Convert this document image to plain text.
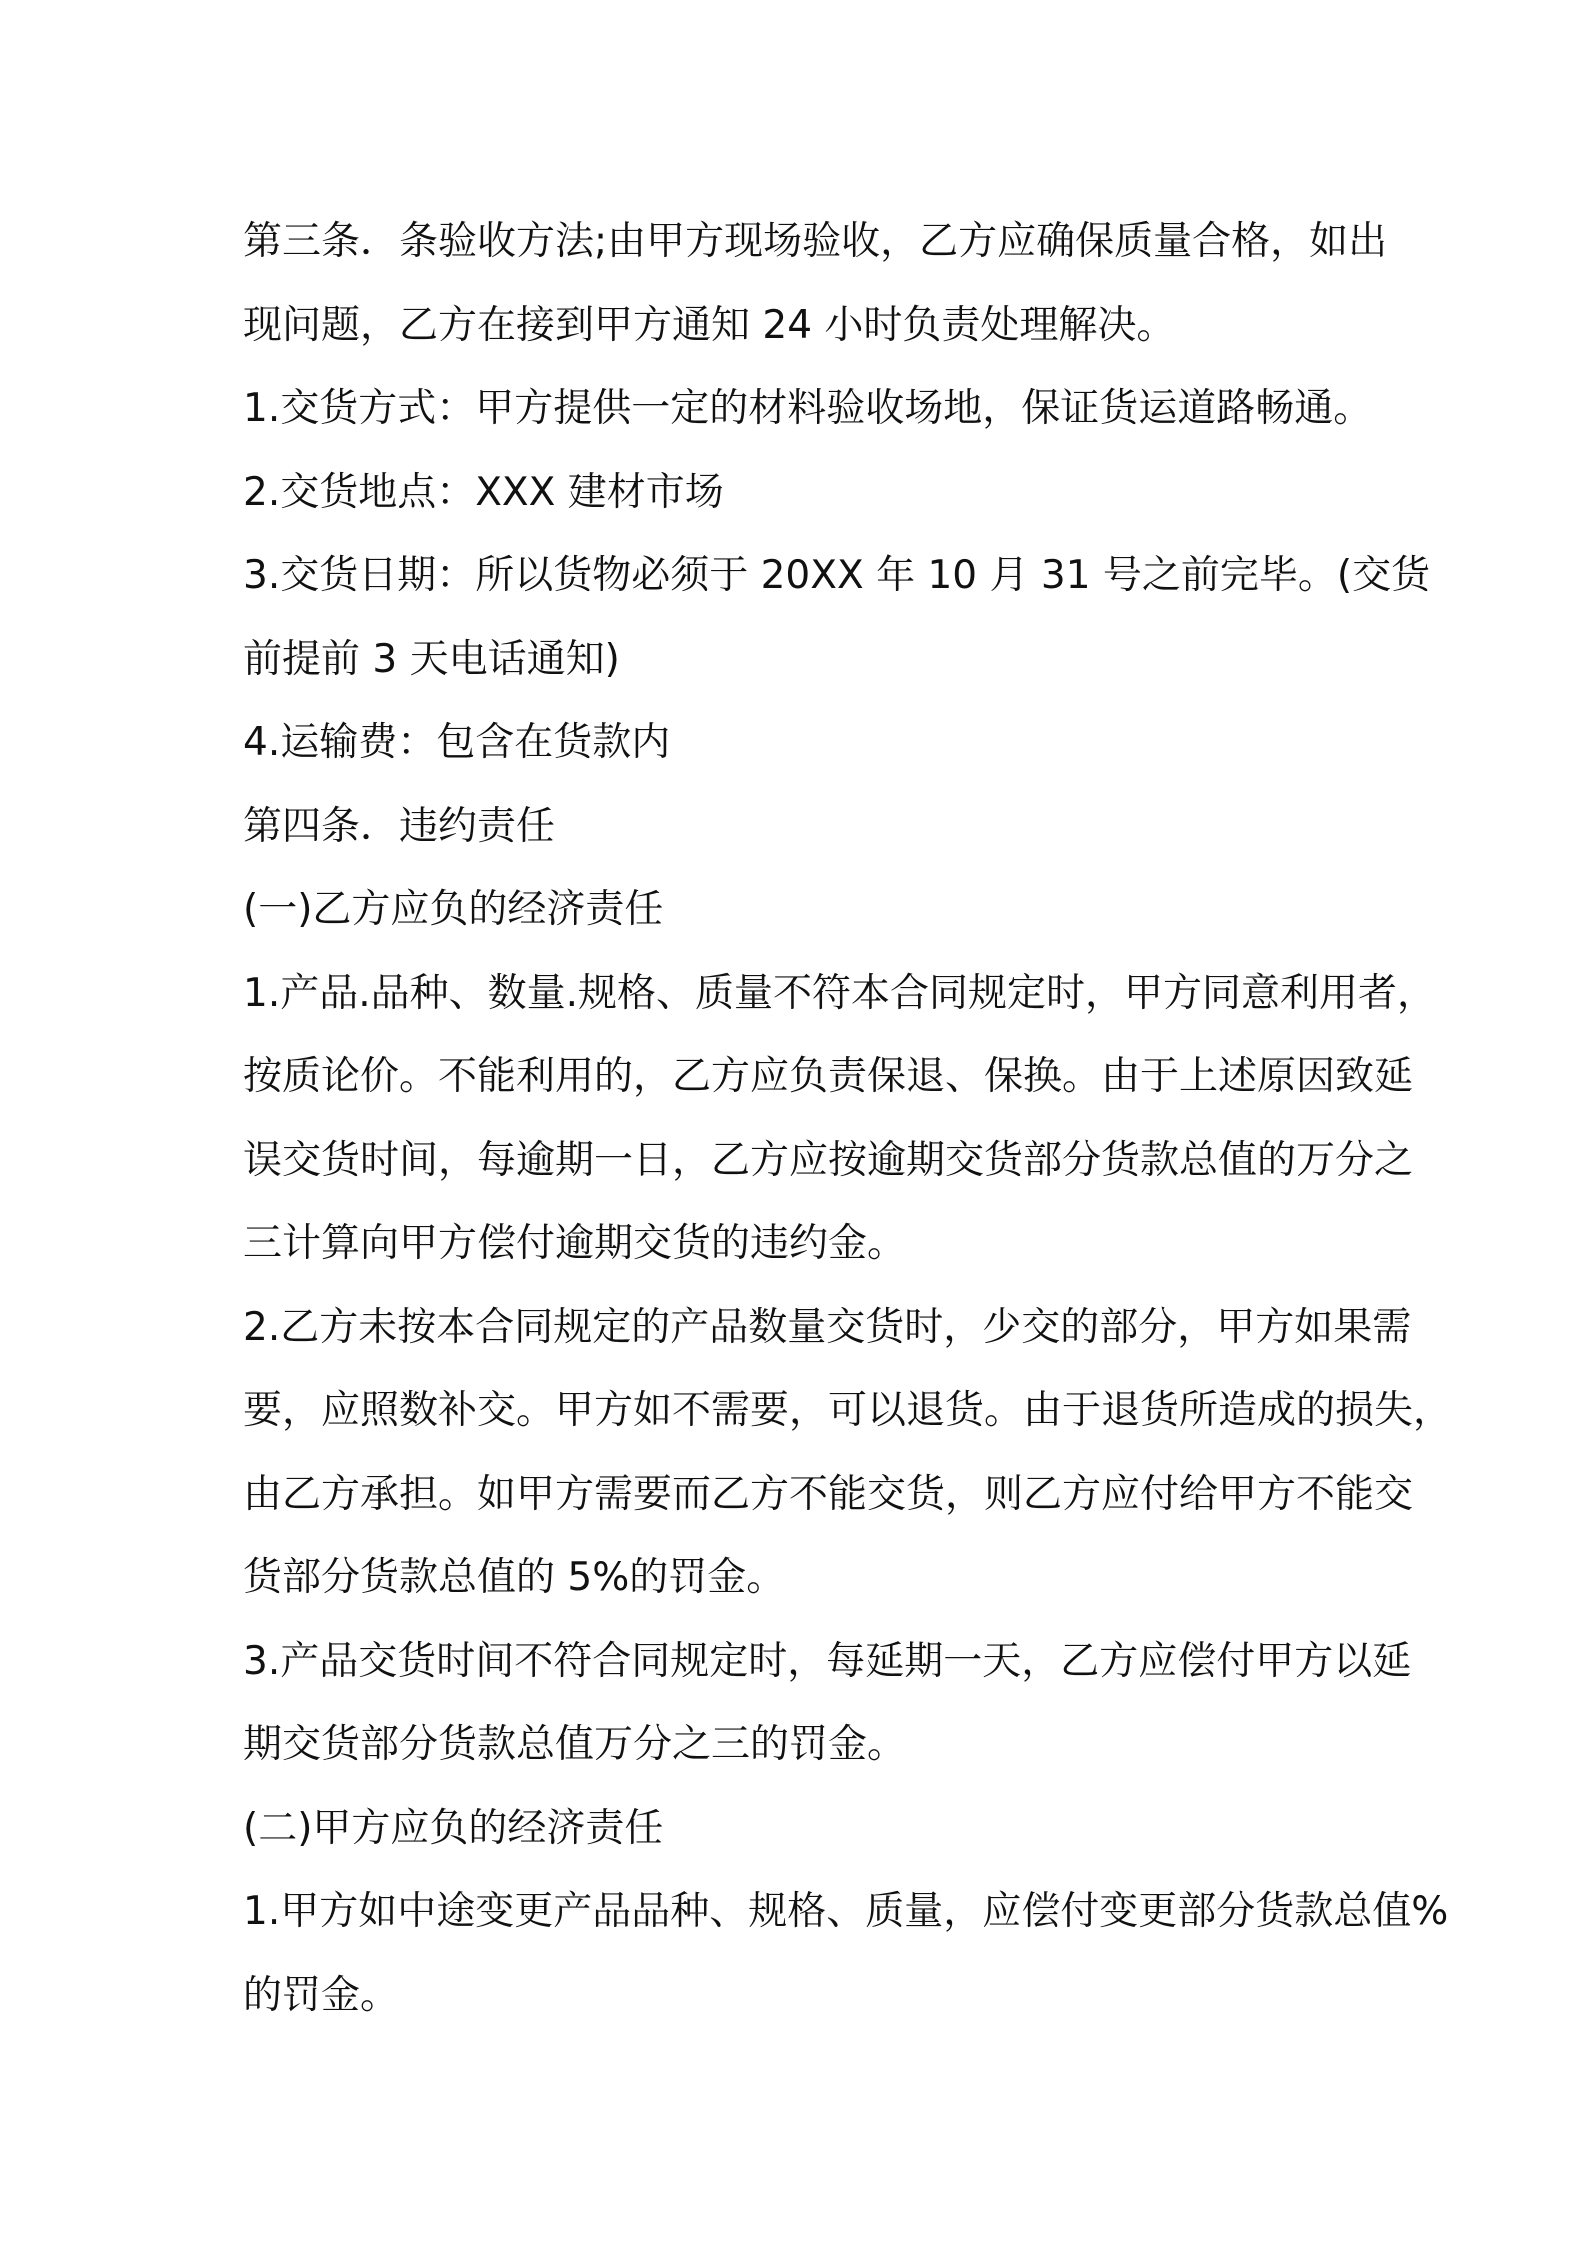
第三条．条验收方法;由甲方现场验收，乙方应确保质量合格，如出
现问题，乙方在接到甲方通知 24 小时负责处理解决。

1.交货方式：甲方提供一定的材料验收场地，保证货运道路畅通。

2.交货地点：XXX 建材市场

3.交货日期：所以货物必须于 20XX 年 10 月 31 号之前完毕。(交货
前提前 3 天电话通知)

4.运输费：包含在货款内

第四条．违约责任

(一)乙方应负的经济责任

1.产品.品种、数量.规格、质量不符本合同规定时，甲方同意利用者，
按质论价。不能利用的，乙方应负责保退、保换。由于上述原因致延
误交货时间，每逾期一日，乙方应按逾期交货部分货款总值的万分之
三计算向甲方偿付逾期交货的违约金。

2.乙方未按本合同规定的产品数量交货时，少交的部分，甲方如果需
要，应照数补交。甲方如不需要，可以退货。由于退货所造成的损失，
由乙方承担。如甲方需要而乙方不能交货，则乙方应付给甲方不能交
货部分货款总值的 5%的罚金。

3.产品交货时间不符合同规定时，每延期一天，乙方应偿付甲方以延
期交货部分货款总值万分之三的罚金。

(二)甲方应负的经济责任

1.甲方如中途变更产品品种、规格、质量，应偿付变更部分货款总值%
的罚金。
